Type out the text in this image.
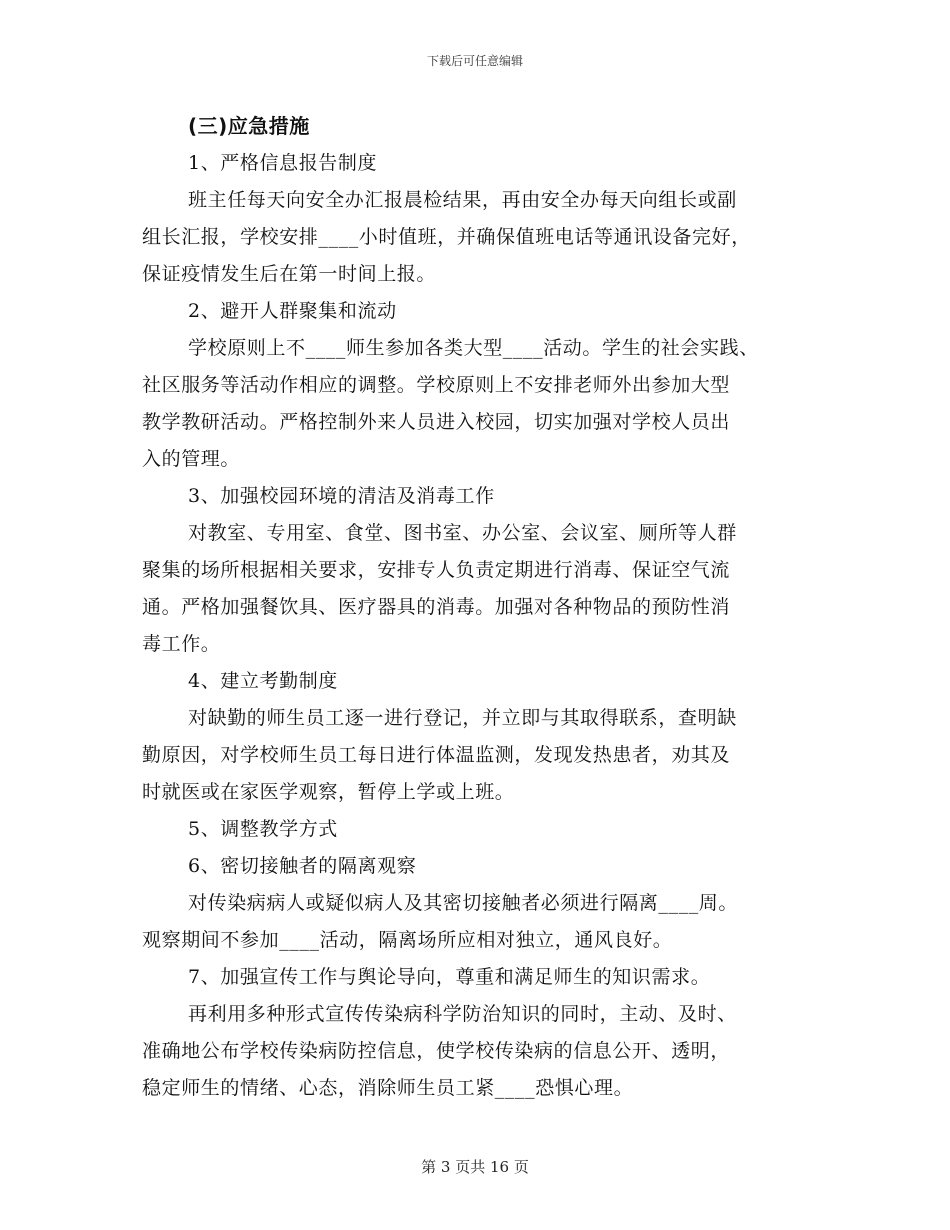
下载后可任意编辑
(三)应急措施
1、严格信息报告制度
班主任每天向安全办汇报晨检结果，再由安全办每天向组长或副
组长汇报，学校安排____小时值班，并确保值班电话等通讯设备完好，
保证疫情发生后在第一时间上报。
2、避开人群聚集和流动
学校原则上不____师生参加各类大型____活动。学生的社会实践、
社区服务等活动作相应的调整。学校原则上不安排老师外出参加大型
教学教研活动。严格控制外来人员进入校园，切实加强对学校人员出
入的管理。
3、加强校园环境的清洁及消毒工作
对教室、专用室、食堂、图书室、办公室、会议室、厕所等人群
聚集的场所根据相关要求，安排专人负责定期进行消毒、保证空气流
通。严格加强餐饮具、医疗器具的消毒。加强对各种物品的预防性消
毒工作。
4、建立考勤制度
对缺勤的师生员工逐一进行登记，并立即与其取得联系，查明缺
勤原因，对学校师生员工每日进行体温监测，发现发热患者，劝其及
时就医或在家医学观察，暂停上学或上班。
5、调整教学方式
6、密切接触者的隔离观察
对传染病病人或疑似病人及其密切接触者必须进行隔离____周。
观察期间不参加____活动，隔离场所应相对独立，通风良好。
7、加强宣传工作与舆论导向，尊重和满足师生的知识需求。
再利用多种形式宣传传染病科学防治知识的同时，主动、及时、
准确地公布学校传染病防控信息，使学校传染病的信息公开、透明，
稳定师生的情绪、心态，消除师生员工紧____恐惧心理。
第 3 页共 16 页
